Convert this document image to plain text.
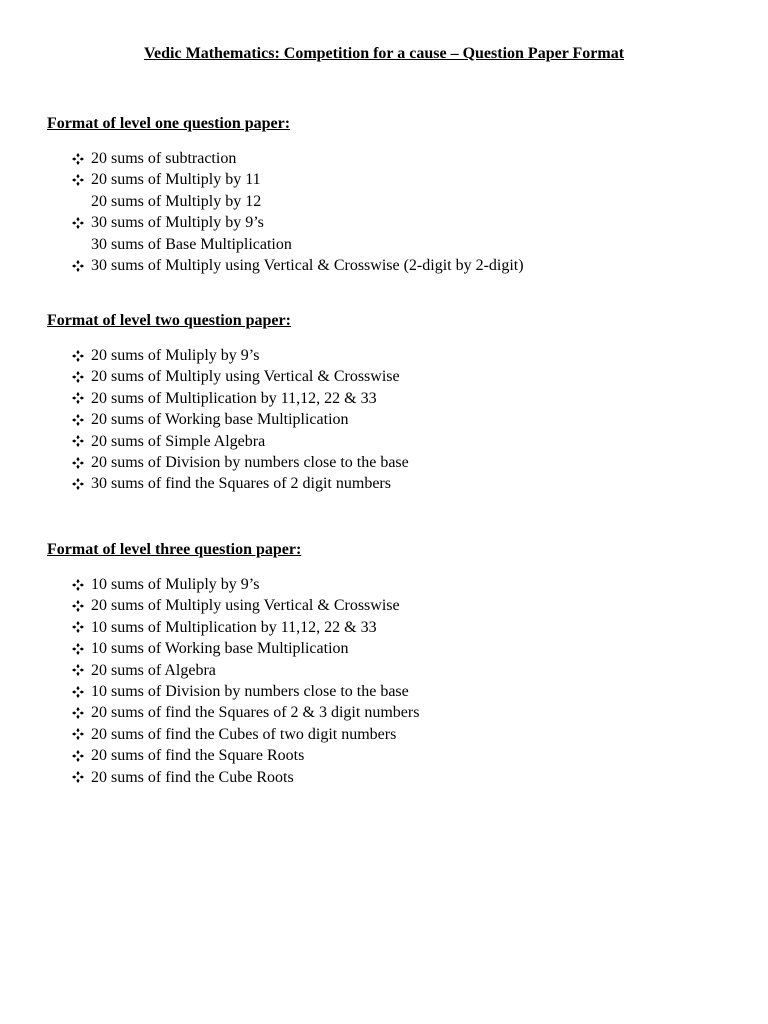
Vedic Mathematics: Competition for a cause – Question Paper Format

Format of level one question paper:

20 sums of subtraction
20 sums of Multiply by 11
20 sums of Multiply by 12
30 sums of Multiply by 9’s
30 sums of Base Multiplication
30 sums of Multiply using Vertical & Crosswise (2-digit by 2-digit)

Format of level two question paper:

20 sums of Muliply by 9’s
20 sums of Multiply using Vertical & Crosswise
20 sums of Multiplication by 11,12, 22 & 33
20 sums of Working base Multiplication
20 sums of Simple Algebra
20 sums of Division by numbers close to the base
30 sums of find the Squares of 2 digit numbers

Format of level three question paper:

10 sums of Muliply by 9’s
20 sums of Multiply using Vertical & Crosswise
10 sums of Multiplication by 11,12, 22 & 33
10 sums of Working base Multiplication
20 sums of Algebra
10 sums of Division by numbers close to the base
20 sums of find the Squares of 2 & 3 digit numbers
20 sums of find the Cubes of two digit numbers
20 sums of find the Square Roots
20 sums of find the Cube Roots
